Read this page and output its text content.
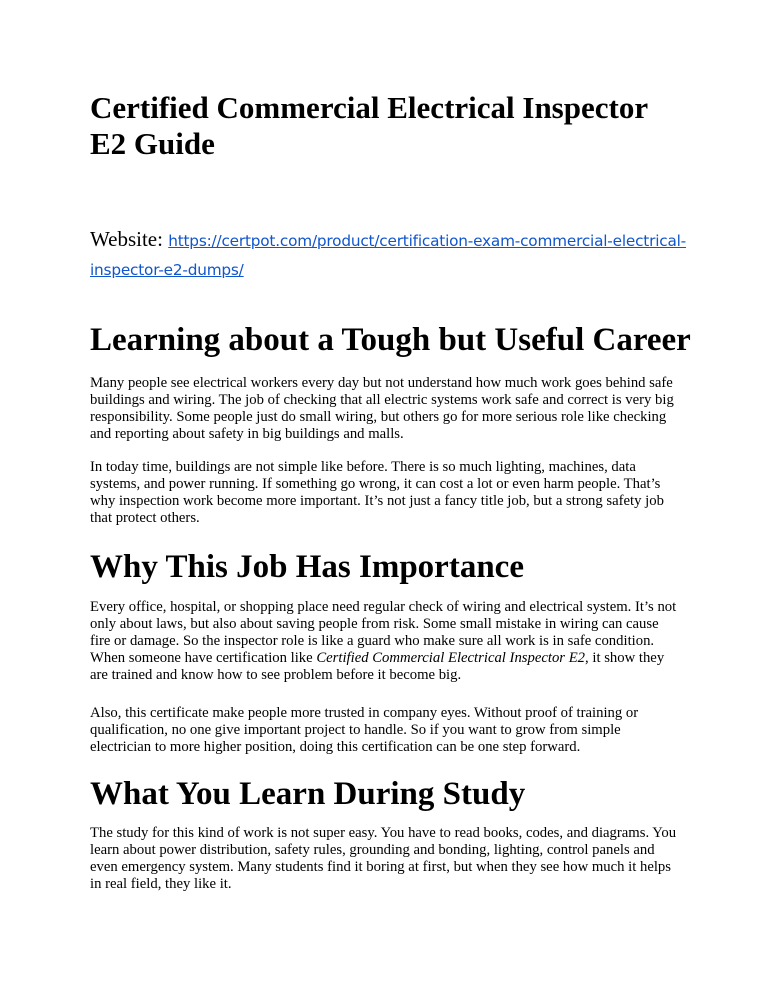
Certified Commercial Electrical Inspector E2 Guide

Website: https://certpot.com/product/certification-exam-commercial-electrical-inspector-e2-dumps/

Learning about a Tough but Useful Career

Many people see electrical workers every day but not understand how much work goes behind safe buildings and wiring. The job of checking that all electric systems work safe and correct is very big responsibility. Some people just do small wiring, but others go for more serious role like checking and reporting about safety in big buildings and malls.

In today time, buildings are not simple like before. There is so much lighting, machines, data systems, and power running. If something go wrong, it can cost a lot or even harm people. That’s why inspection work become more important. It’s not just a fancy title job, but a strong safety job that protect others.

Why This Job Has Importance

Every office, hospital, or shopping place need regular check of wiring and electrical system. It’s not only about laws, but also about saving people from risk. Some small mistake in wiring can cause fire or damage. So the inspector role is like a guard who make sure all work is in safe condition. When someone have certification like Certified Commercial Electrical Inspector E2, it show they are trained and know how to see problem before it become big.

Also, this certificate make people more trusted in company eyes. Without proof of training or qualification, no one give important project to handle. So if you want to grow from simple electrician to more higher position, doing this certification can be one step forward.

What You Learn During Study

The study for this kind of work is not super easy. You have to read books, codes, and diagrams. You learn about power distribution, safety rules, grounding and bonding, lighting, control panels and even emergency system. Many students find it boring at first, but when they see how much it helps in real field, they like it.
